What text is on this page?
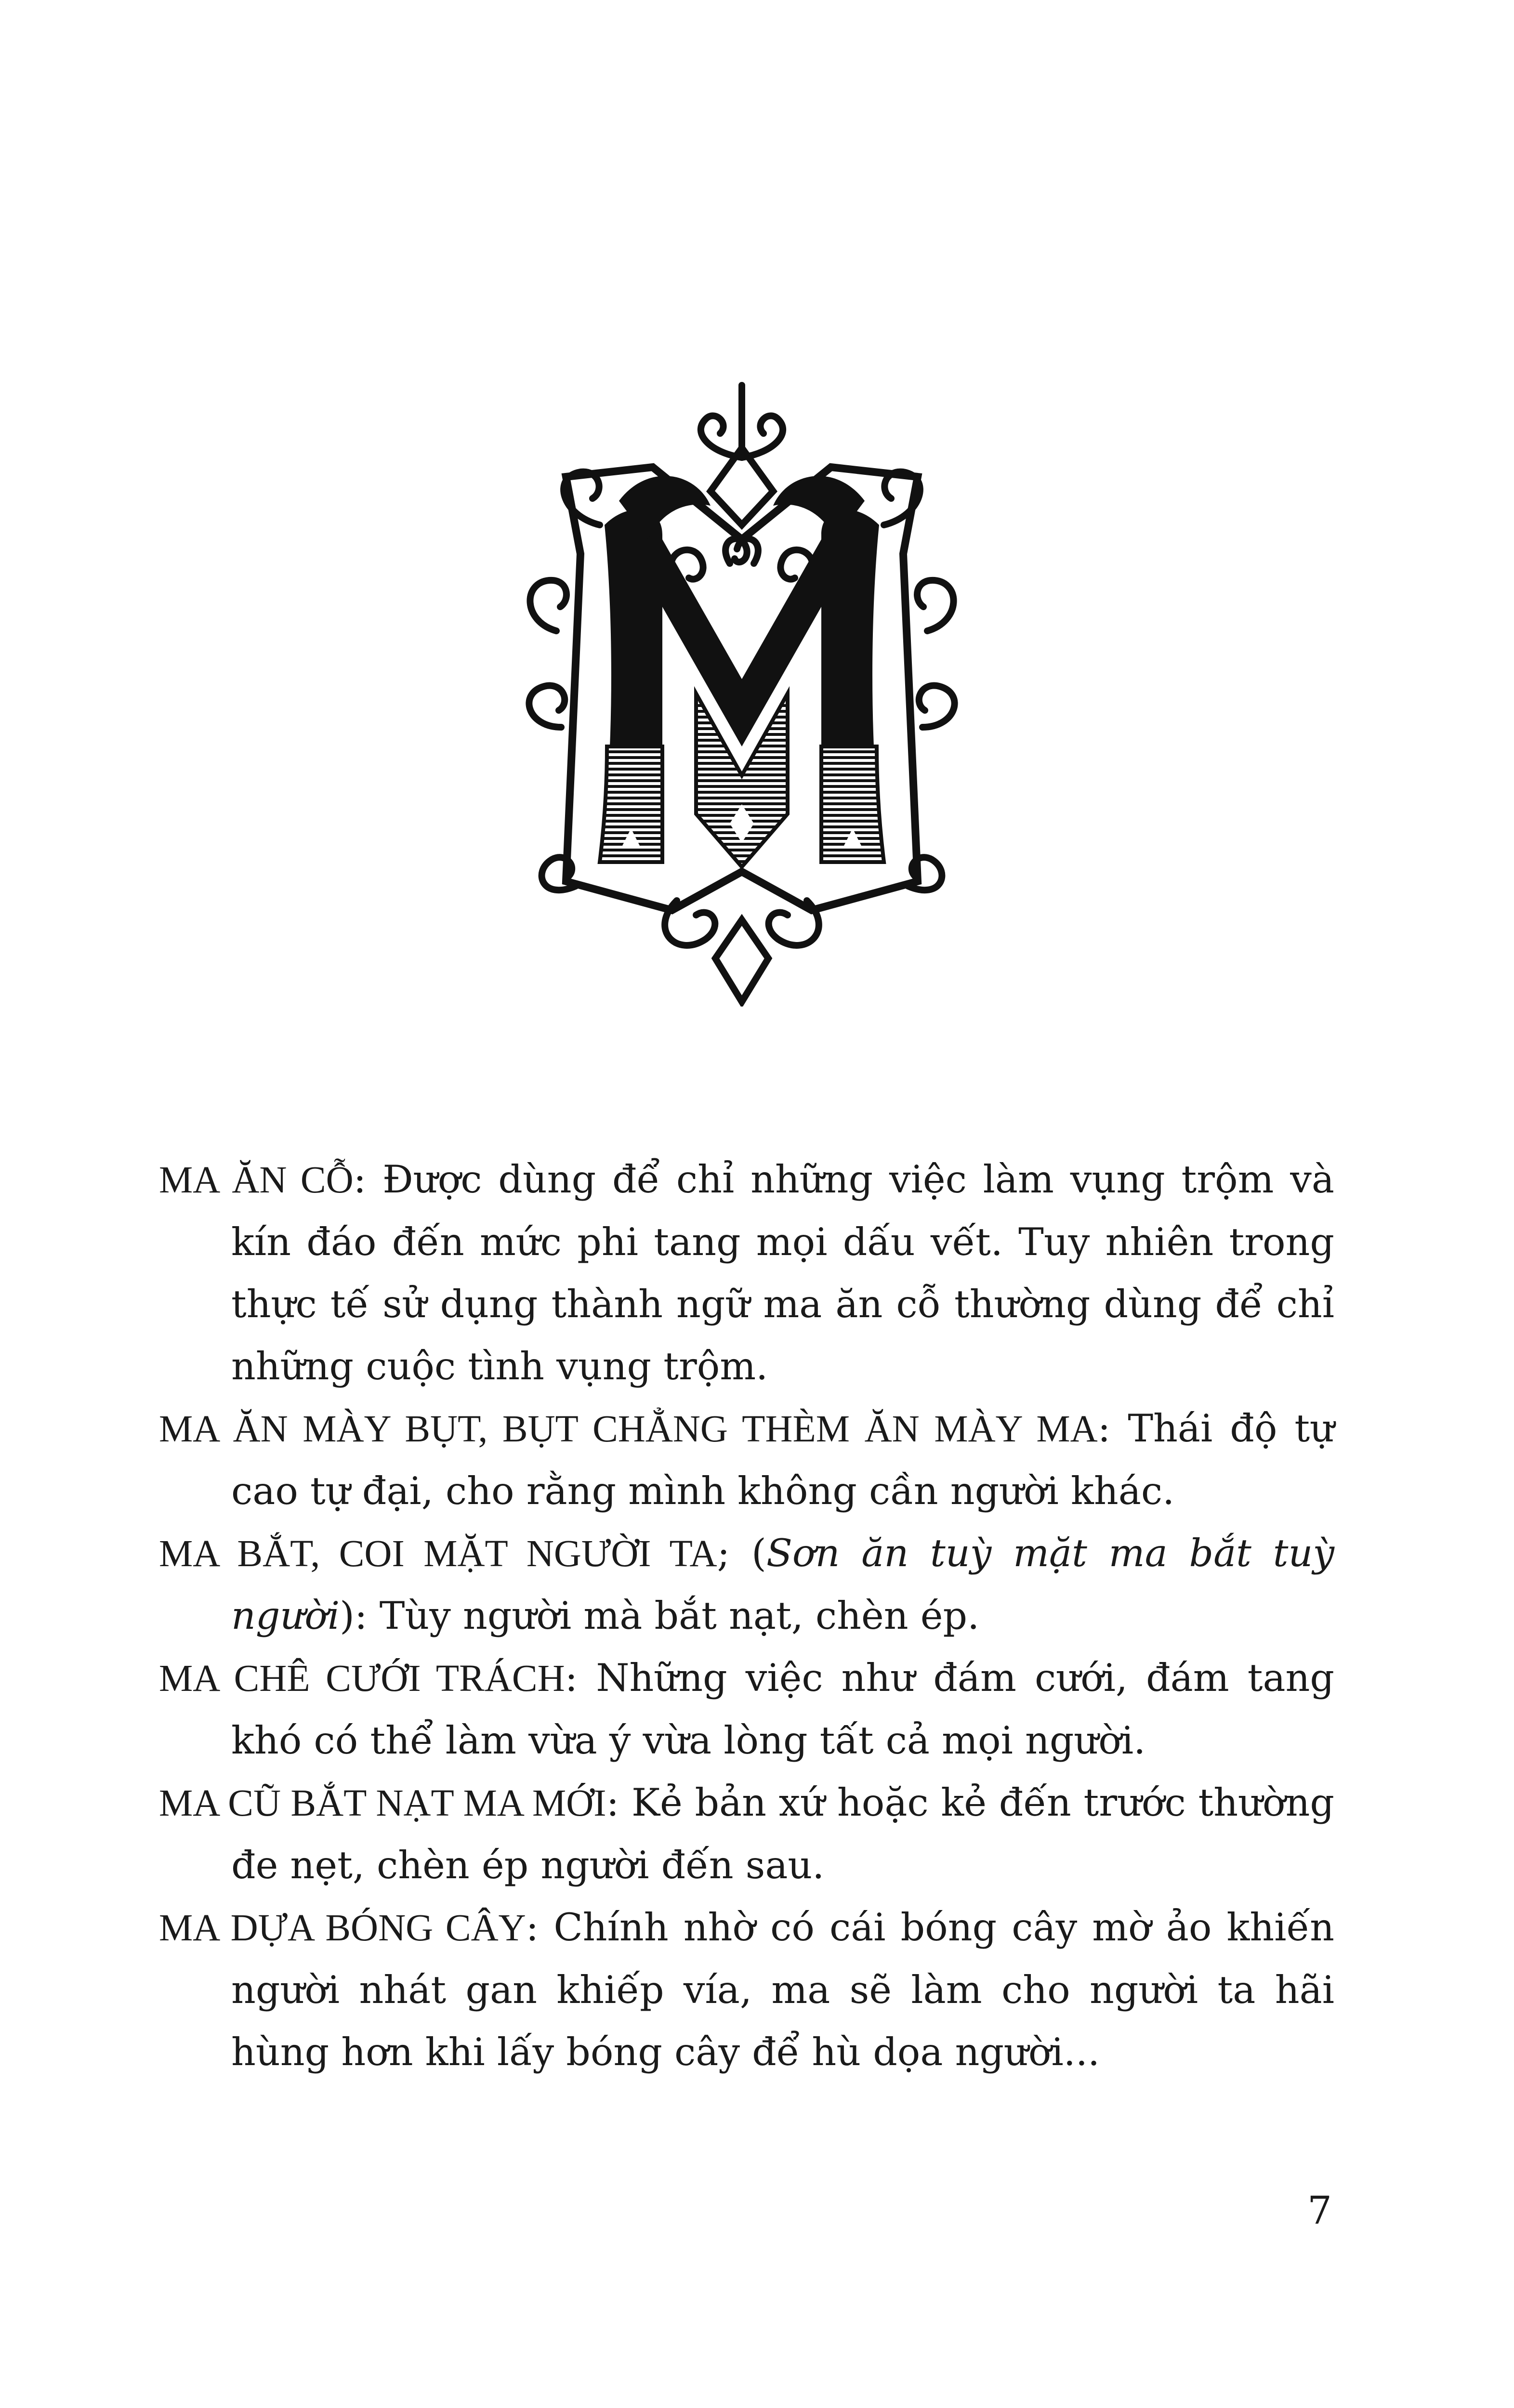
MA ĂN CỖ: Được dùng để chỉ những việc làm vụng trộm và kín đáo đến mức phi tang mọi dấu vết. Tuy nhiên trong thực tế sử dụng thành ngữ ma ăn cỗ thường dùng để chỉ những cuộc tình vụng trộm.

MA ĂN MÀY BỤT, BỤT CHẲNG THÈM ĂN MÀY MA: Thái độ tự cao tự đại, cho rằng mình không cần người khác.

MA BẮT, COI MẶT NGƯỜI TA; (Sơn ăn tuỳ mặt ma bắt tuỳ người): Tùy người mà bắt nạt, chèn ép.

MA CHÊ CƯỚI TRÁCH: Những việc như đám cưới, đám tang khó có thể làm vừa ý vừa lòng tất cả mọi người.

MA CŨ BẮT NẠT MA MỚI: Kẻ bản xứ hoặc kẻ đến trước thường đe nẹt, chèn ép người đến sau.

MA DỰA BÓNG CÂY: Chính nhờ có cái bóng cây mờ ảo khiến người nhát gan khiếp vía, ma sẽ làm cho người ta hãi hùng hơn khi lấy bóng cây để hù dọa người...

7
